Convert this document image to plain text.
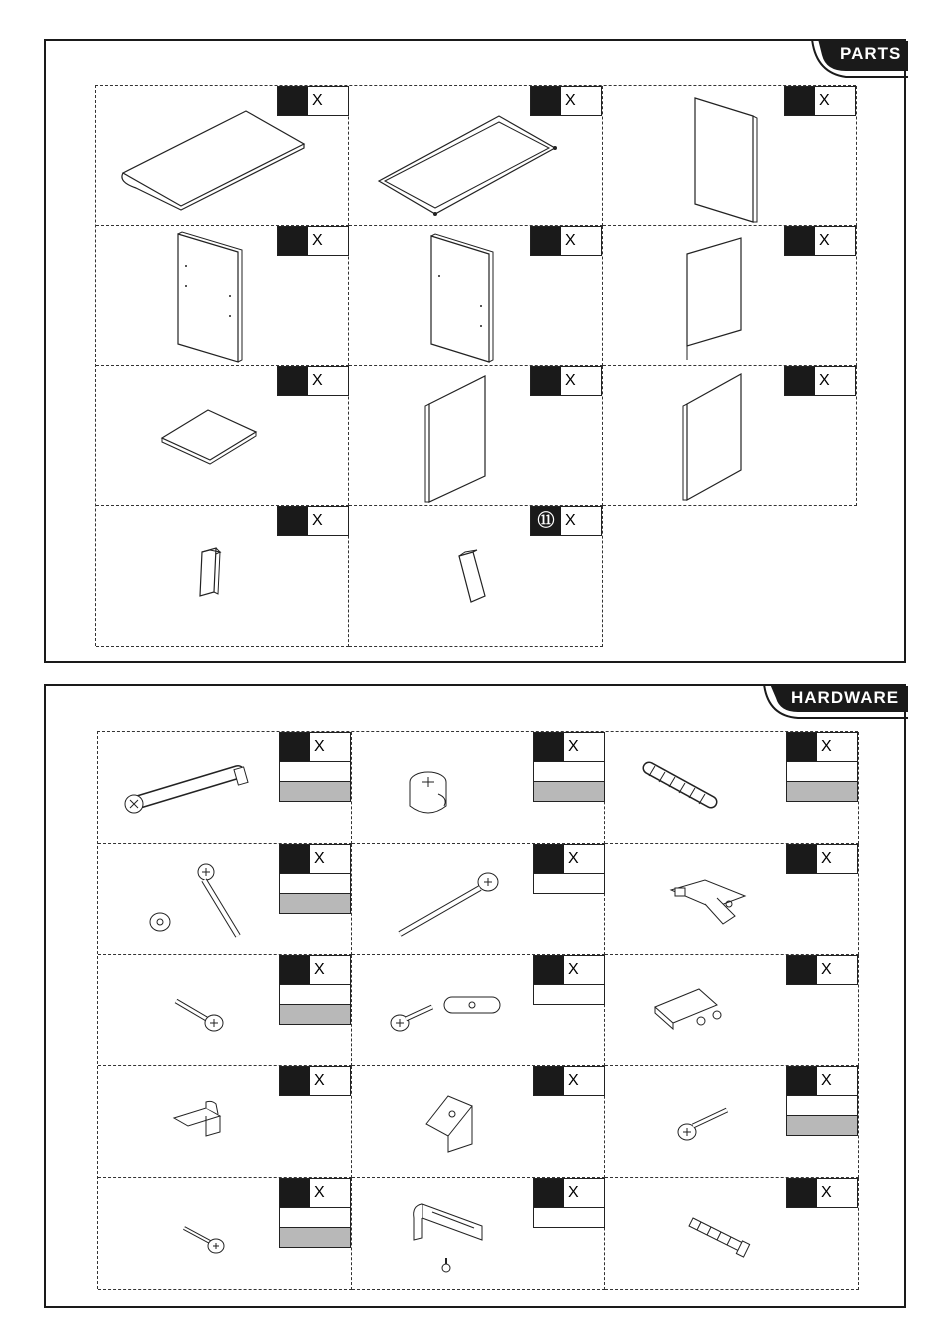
PARTS
X	X	X
X	X	X
X	X	X
X	⑪ X
HARDWARE
X	X	X
X	X	X
X	X	X
X	X	X
X	X	X
